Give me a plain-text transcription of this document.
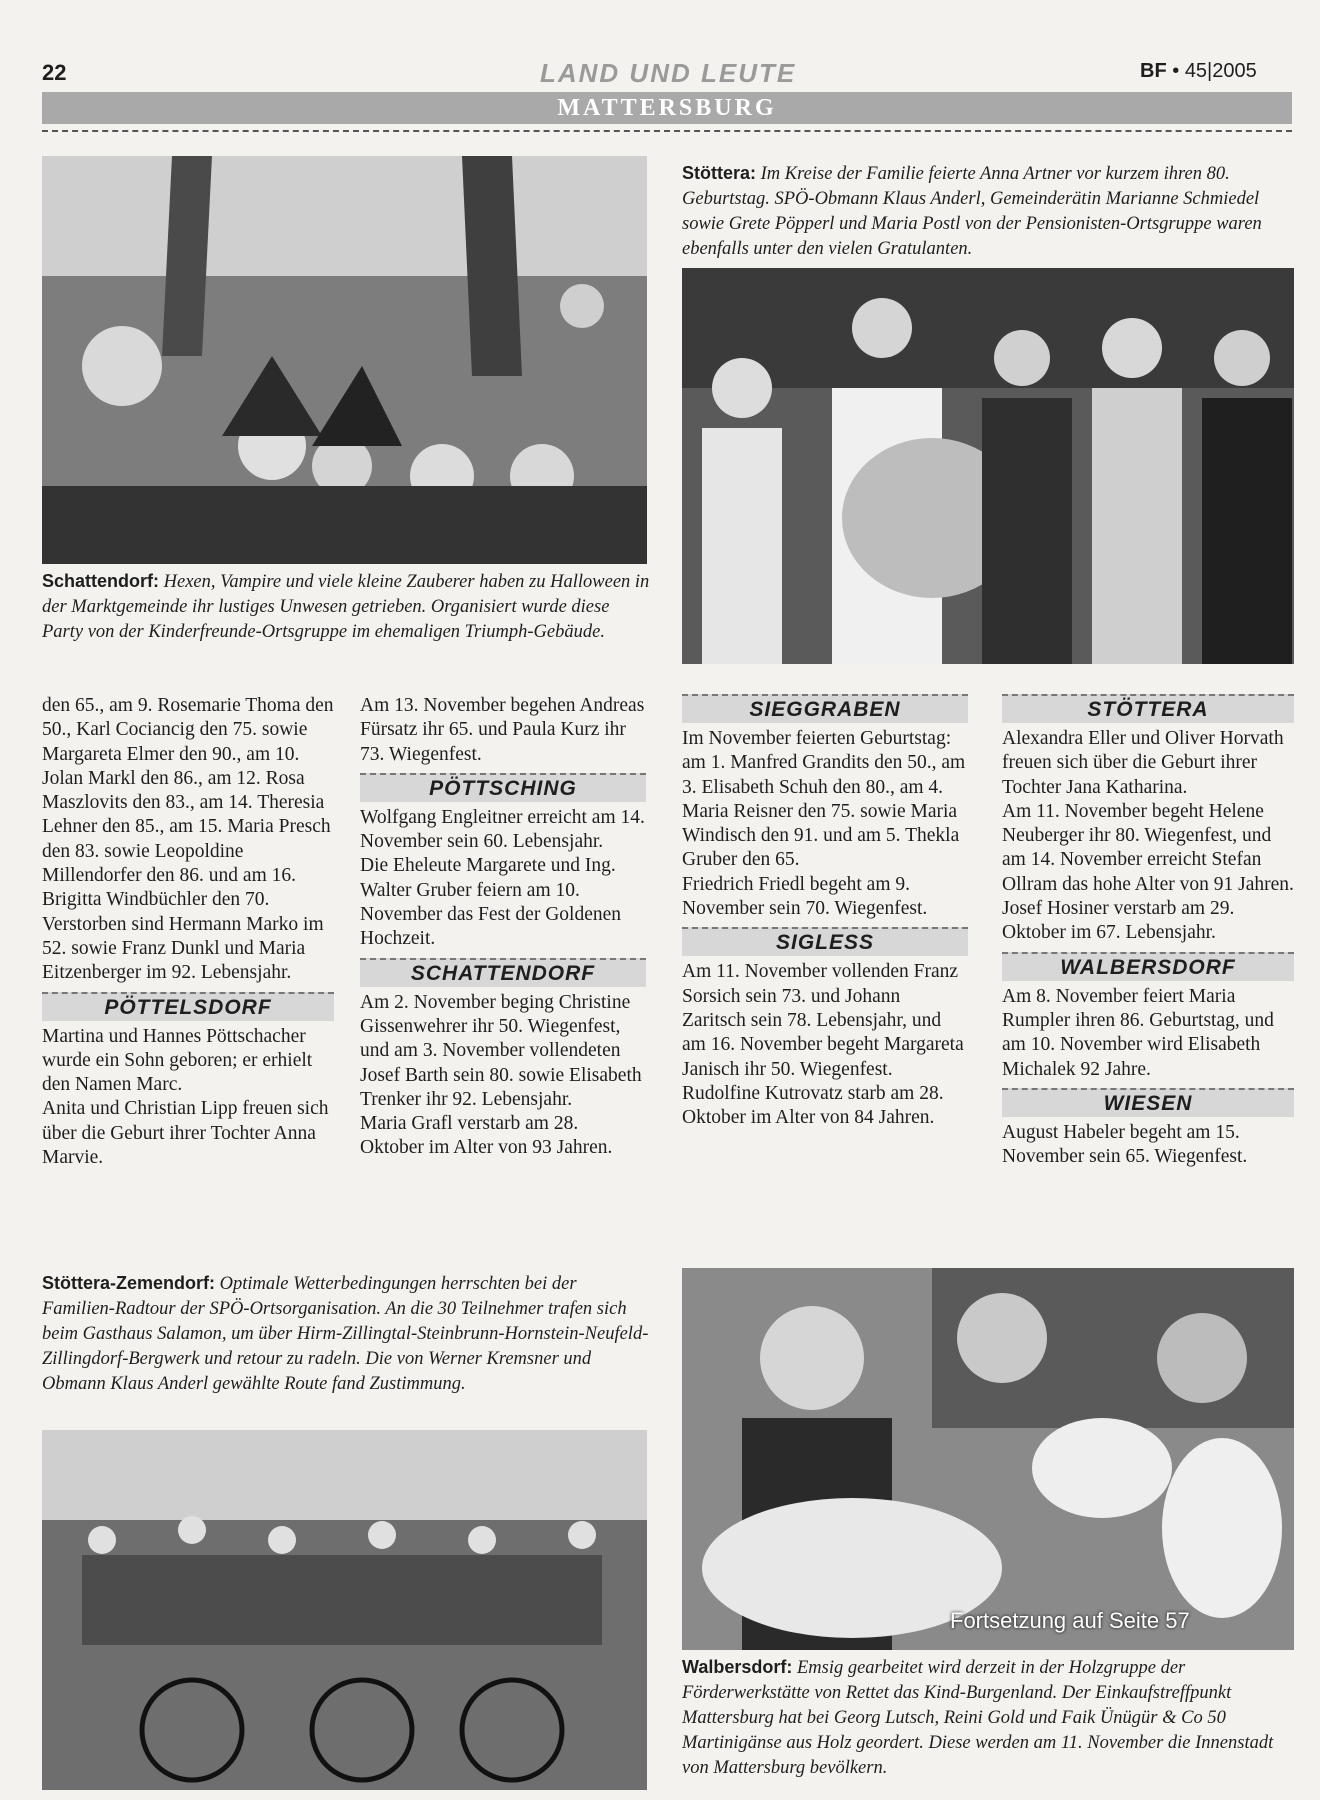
22	LAND UND LEUTE	BF • 45|2005
MATTERSBURG
Schattendorf: Hexen, Vampire und viele kleine Zauberer haben zu Halloween in der Marktgemeinde ihr lustiges Unwesen getrieben. Organisiert wurde diese Party von der Kinderfreunde-Ortsgruppe im ehemaligen Triumph-Gebäude.
Stöttera: Im Kreise der Familie feierte Anna Artner vor kurzem ihren 80. Geburtstag. SPÖ-Obmann Klaus Anderl, Gemeinderätin Marianne Schmiedel sowie Grete Pöpperl und Maria Postl von der Pensionisten-Ortsgruppe waren ebenfalls unter den vielen Gratulanten.

den 65., am 9. Rosemarie Thoma den 50., Karl Cociancig den 75. sowie Margareta Elmer den 90., am 10. Jolan Markl den 86., am 12. Rosa Maszlovits den 83., am 14. Theresia Lehner den 85., am 15. Maria Presch den 83. sowie Leopoldine Millendorfer den 86. und am 16. Brigitta Windbüchler den 70.

Verstorben sind Hermann Marko im 52. sowie Franz Dunkl und Maria Eitzenberger im 92. Lebensjahr.

PÖTTELSDORF

Martina und Hannes Pöttschacher wurde ein Sohn geboren; er erhielt den Namen Marc.

Anita und Christian Lipp freuen sich über die Geburt ihrer Tochter Anna Marvie.

Am 13. November begehen Andreas Fürsatz ihr 65. und Paula Kurz ihr 73. Wiegenfest.

PÖTTSCHING

Wolfgang Engleitner erreicht am 14. November sein 60. Lebensjahr.

Die Eheleute Margarete und Ing. Walter Gruber feiern am 10. November das Fest der Goldenen Hochzeit.

SCHATTENDORF

Am 2. November beging Christine Gissenwehrer ihr 50. Wiegenfest, und am 3. November vollendeten Josef Barth sein 80. sowie Elisabeth Trenker ihr 92. Lebensjahr.

Maria Grafl verstarb am 28. Oktober im Alter von 93 Jahren.

SIEGGRABEN

Im November feierten Geburtstag: am 1. Manfred Grandits den 50., am 3. Elisabeth Schuh den 80., am 4. Maria Reisner den 75. sowie Maria Windisch den 91. und am 5. Thekla Gruber den 65.

Friedrich Friedl begeht am 9. November sein 70. Wiegenfest.

SIGLESS

Am 11. November vollenden Franz Sorsich sein 73. und Johann Zaritsch sein 78. Lebensjahr, und am 16. November begeht Margareta Janisch ihr 50. Wiegenfest.

Rudolfine Kutrovatz starb am 28. Oktober im Alter von 84 Jahren.

STÖTTERA

Alexandra Eller und Oliver Horvath freuen sich über die Geburt ihrer Tochter Jana Katharina.

Am 11. November begeht Helene Neuberger ihr 80. Wiegenfest, und am 14. November erreicht Stefan Ollram das hohe Alter von 91 Jahren.

Josef Hosiner verstarb am 29. Oktober im 67. Lebensjahr.

WALBERSDORF

Am 8. November feiert Maria Rumpler ihren 86. Geburtstag, und am 10. November wird Elisabeth Michalek 92 Jahre.

WIESEN

August Habeler begeht am 15. November sein 65. Wiegenfest.

Stöttera-Zemendorf: Optimale Wetterbedingungen herrschten bei der Familien-Radtour der SPÖ-Ortsorganisation. An die 30 Teilnehmer trafen sich beim Gasthaus Salamon, um über Hirm-Zillingtal-Steinbrunn-Hornstein-Neufeld-Zillingdorf-Bergwerk und retour zu radeln. Die von Werner Kremsner und Obmann Klaus Anderl gewählte Route fand Zustimmung.
Fortsetzung auf Seite 57
Walbersdorf: Emsig gearbeitet wird derzeit in der Holzgruppe der Förderwerkstätte von Rettet das Kind-Burgenland. Der Einkaufstreffpunkt Mattersburg hat bei Georg Lutsch, Reini Gold und Faik Ünügür & Co 50 Martinigänse aus Holz geordert. Diese werden am 11. November die Innenstadt von Mattersburg bevölkern.
